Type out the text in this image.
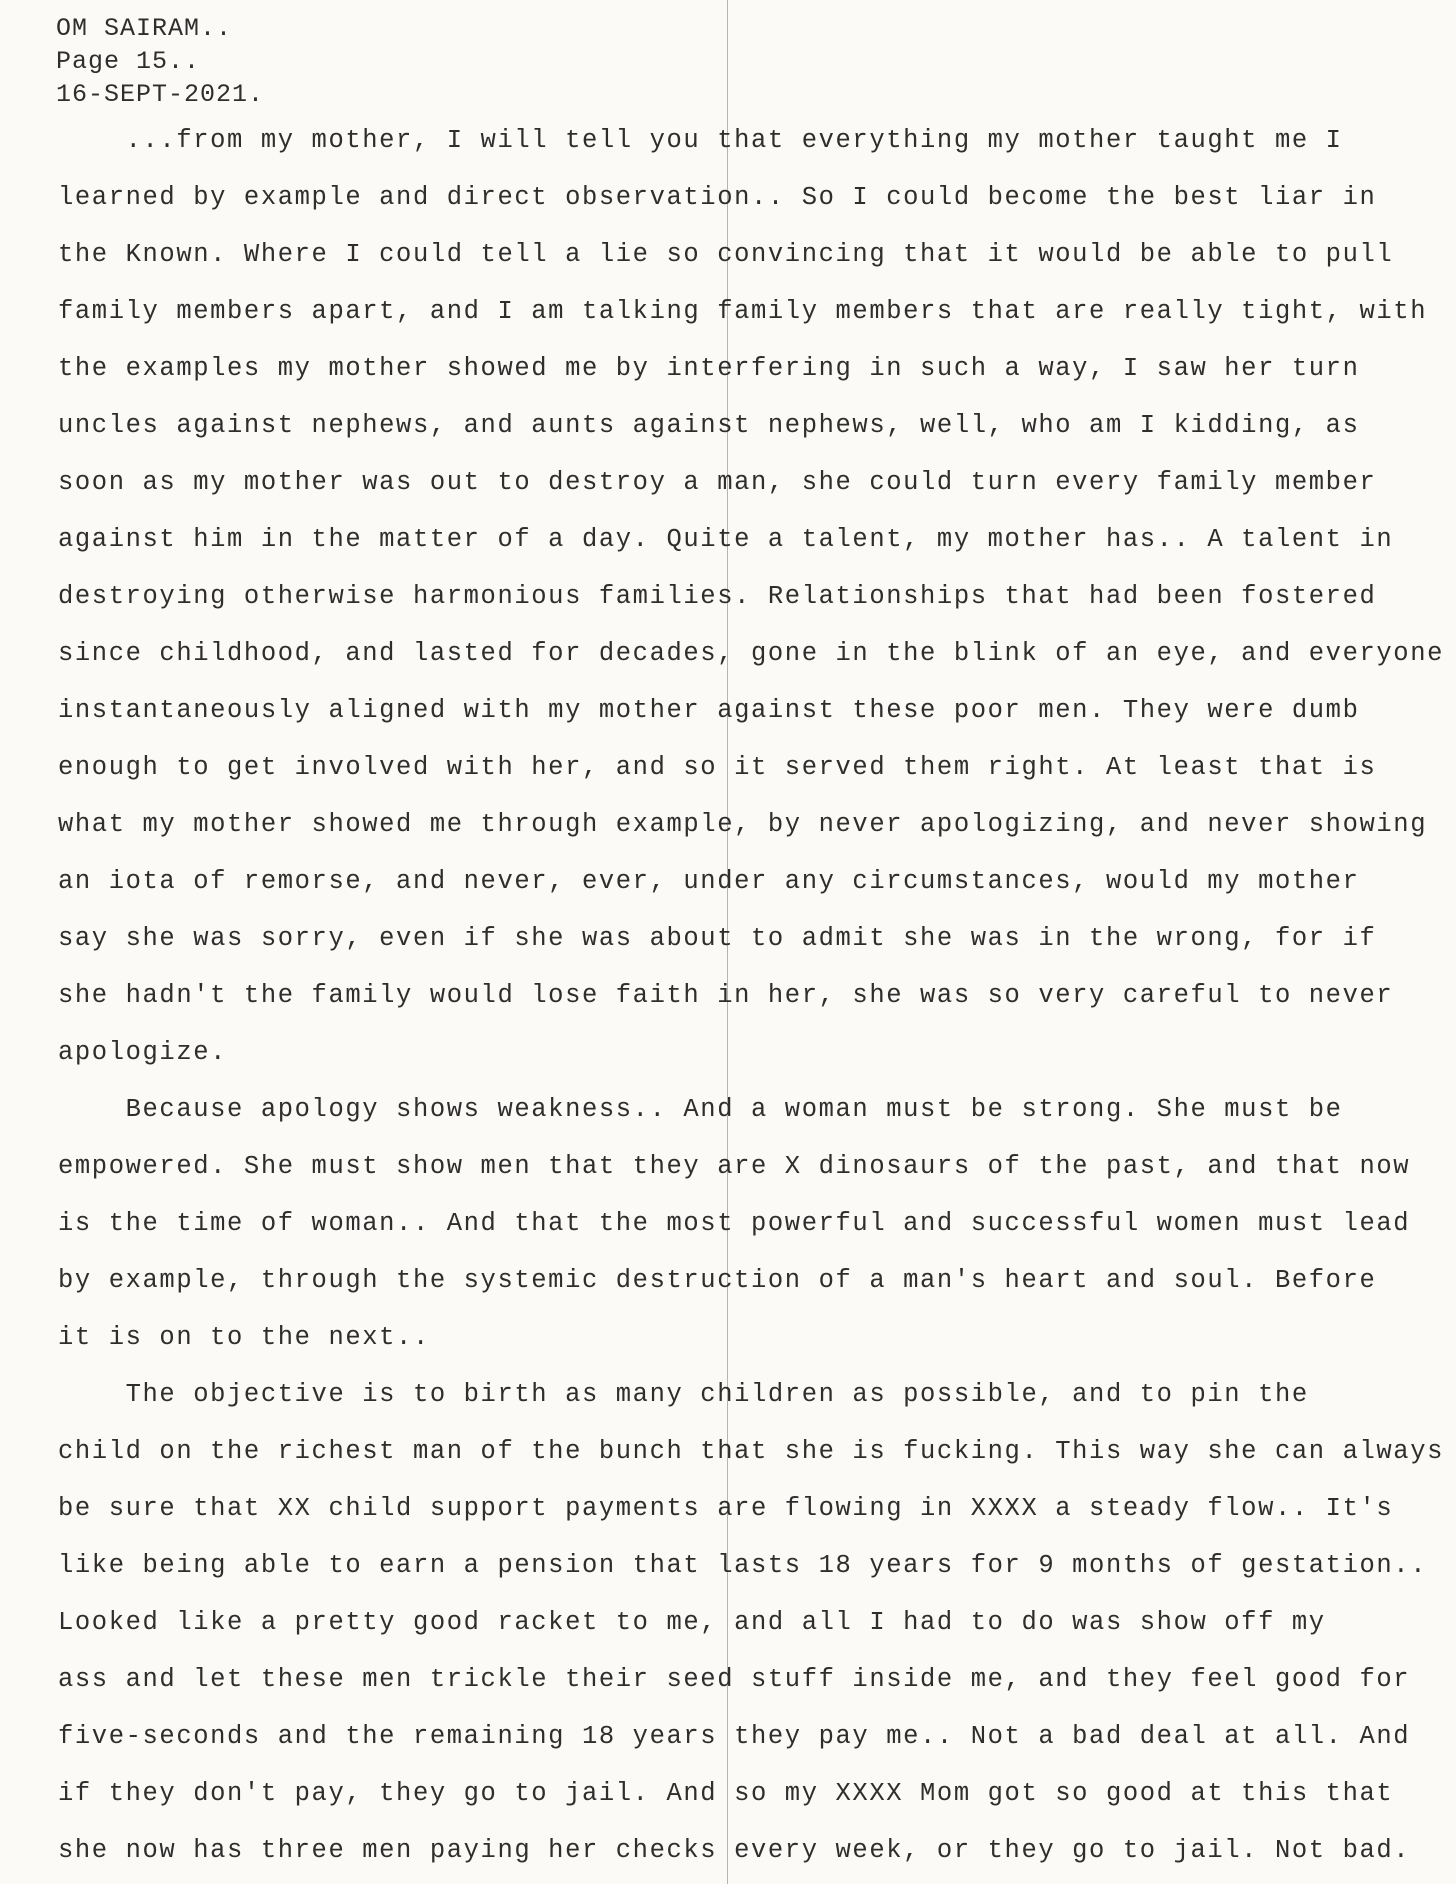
OM SAIRAM..
Page 15..
16-SEPT-2021.
...from my mother, I will tell you that everything my mother taught me I
learned by example and direct observation.. So I could become the best liar in
the Known. Where I could tell a lie so convincing that it would be able to pull
family members apart, and I am talking family members that are really tight, with
the examples my mother showed me by interfering in such a way, I saw her turn
uncles against nephews, and aunts against nephews, well, who am I kidding, as
soon as my mother was out to destroy a man, she could turn every family member
against him in the matter of a day. Quite a talent, my mother has.. A talent in
destroying otherwise harmonious families. Relationships that had been fostered
since childhood, and lasted for decades, gone in the blink of an eye, and everyone
instantaneously aligned with my mother against these poor men. They were dumb
enough to get involved with her, and so it served them right. At least that is
what my mother showed me through example, by never apologizing, and never showing
an iota of remorse, and never, ever, under any circumstances, would my mother
say she was sorry, even if she was about to admit she was in the wrong, for if
she hadn't the family would lose faith in her, she was so very careful to never
apologize.
Because apology shows weakness.. And a woman must be strong. She must be
empowered. She must show men that they are X dinosaurs of the past, and that now
is the time of woman.. And that the most powerful and successful women must lead
by example, through the systemic destruction of a man's heart and soul. Before
it is on to the next..
The objective is to birth as many children as possible, and to pin the
child on the richest man of the bunch that she is fucking. This way she can always
be sure that XX child support payments are flowing in XXXX a steady flow.. It's
like being able to earn a pension that lasts 18 years for 9 months of gestation..
Looked like a pretty good racket to me, and all I had to do was show off my
ass and let these men trickle their seed stuff inside me, and they feel good for
five-seconds and the remaining 18 years they pay me.. Not a bad deal at all. And
if they don't pay, they go to jail. And so my XXXX Mom got so good at this that
she now has three men paying her checks every week, or they go to jail. Not bad.
